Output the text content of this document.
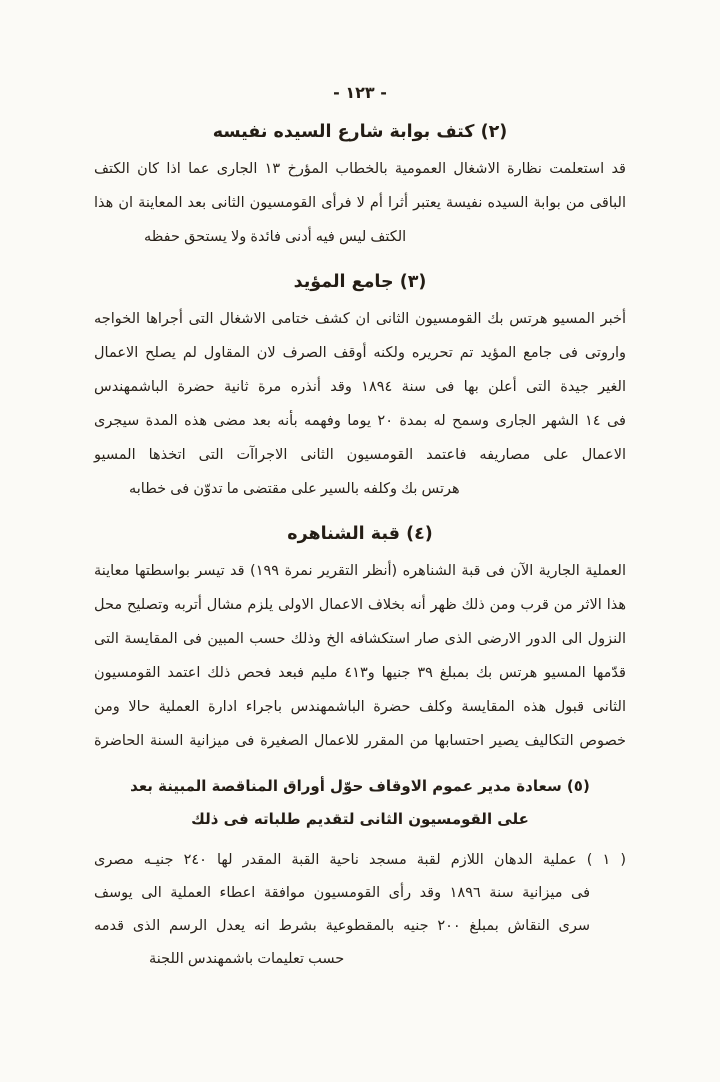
- ١٢٣ -
(٢) كتف بوابة شارع السيده نفيسه
قد استعلمت نظارة الاشغال العمومية بالخطاب المؤرخ ١٣ الجارى عما اذا كان الكتف
الباقى من بوابة السيده نفيسة يعتبر أثرا أم لا فرأى القومسيون الثانى بعد المعاينة ان هذا
الكتف ليس فيه أدنى فائدة ولا يستحق حفظه
(٣) جامع المؤيد
أخبر المسيو هرتس بك القومسيون الثانى ان كشف ختامى الاشغال التى أجراها الخواجه
واروتى فى جامع المؤيد تم تحريره ولكنه أوقف الصرف لان المقاول لم يصلح الاعمال
الغير جيدة التى أعلن بها فى سنة ١٨٩٤ وقد أنذره مرة ثانية حضرة الباشمهندس
فى ١٤ الشهر الجارى وسمح له بمدة ٢٠ يوما وفهمه بأنه بعد مضى هذه المدة سيجرى
الاعمال على مصاريفه فاعتمد القومسيون الثانى الاجراآت التى اتخذها المسيو
هرتس بك وكلفه بالسير على مقتضى ما تدوّن فى خطابه
(٤) قبة الشناهره
العملية الجارية الآن فى قبة الشناهره (أنظر التقرير نمرة ١٩٩) قد تيسر بواسطتها معاينة
هذا الاثر من قرب ومن ذلك ظهر أنه بخلاف الاعمال الاولى يلزم مشال أتربه وتصليح محل
النزول الى الدور الارضى الذى صار استكشافه الخ وذلك حسب المبين فى المقايسة التى
قدّمها المسيو هرتس بك بمبلغ ٣٩ جنيها و٤١٣ مليم فبعد فحص ذلك اعتمد القومسيون
الثانى قبول هذه المقايسة وكلف حضرة الباشمهندس باجراء ادارة العملية حالا ومن
خصوص التكاليف يصير احتسابها من المقرر للاعمال الصغيرة فى ميزانية السنة الحاضرة
(٥) سعادة مدير عموم الاوقاف حوّل أوراق المناقصة المبينة بعد
على القومسيون الثانى لتقديم طلباته فى ذلك
( ١ ) عملية الدهان اللازم لقبة مسجد ناحية القبة المقدر لها ٢٤٠ جنيـه مصرى
فى ميزانية سنة ١٨٩٦ وقد رأى القومسيون موافقة اعطاء العملية الى يوسف
سرى النقاش بمبلغ ٢٠٠ جنيه بالمقطوعية بشرط انه يعدل الرسم الذى قدمه
حسب تعليمات باشمهندس اللجنة
